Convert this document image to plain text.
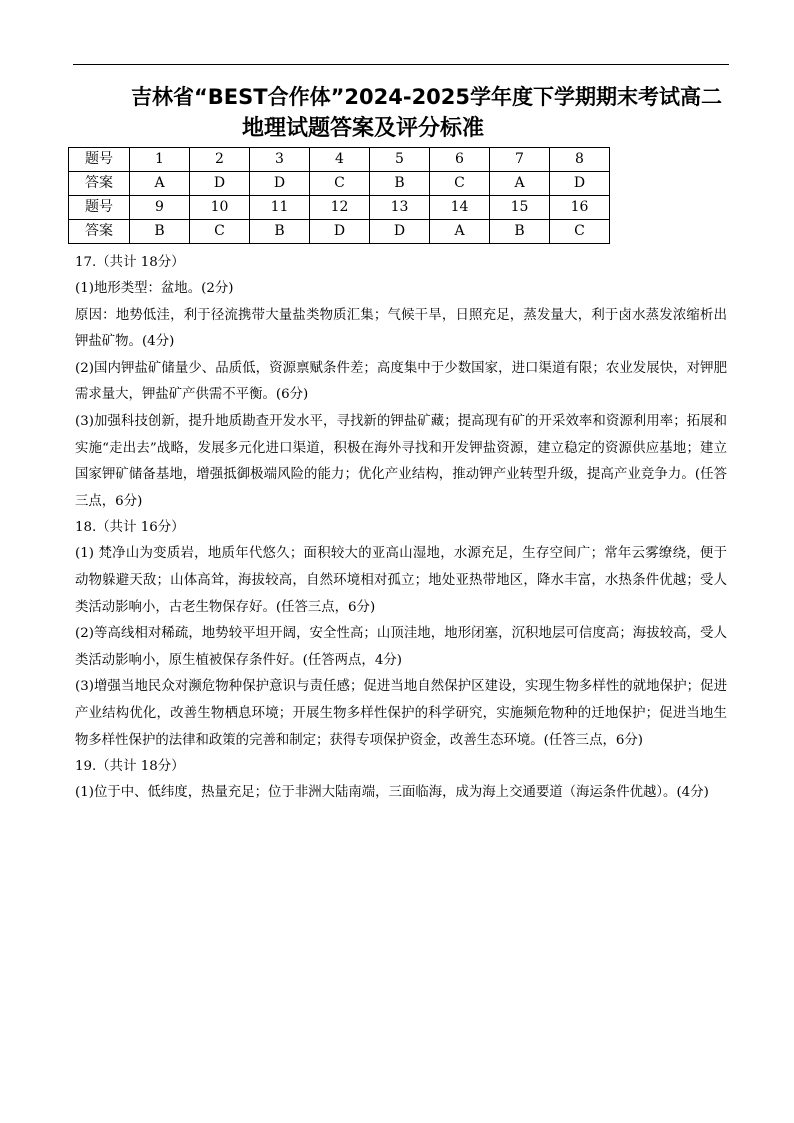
吉林省“BEST合作体”2024-2025学年度下学期期末考试高二
地理试题答案及评分标准
题号	1	2	3	4	5	6	7	8
答案	A	D	D	C	B	C	A	D
题号	9	10	11	12	13	14	15	16
答案	B	C	B	D	D	A	B	C

17.（共计 18分）

(1)地形类型：盆地。(2分)

原因：地势低洼，利于径流携带大量盐类物质汇集；气候干旱，日照充足，蒸发量大，利于卤水蒸发浓缩析出钾盐矿物。(4分)

(2)国内钾盐矿储量少、品质低，资源禀赋条件差；高度集中于少数国家，进口渠道有限；农业发展快，对钾肥需求量大，钾盐矿产供需不平衡。(6分)

(3)加强科技创新，提升地质勘查开发水平，寻找新的钾盐矿藏；提高现有矿的开采效率和资源利用率；拓展和实施“走出去”战略，发展多元化进口渠道，积极在海外寻找和开发钾盐资源，建立稳定的资源供应基地；建立国家钾矿储备基地，增强抵御极端风险的能力；优化产业结构，推动钾产业转型升级，提高产业竞争力。(任答三点，6分)

18.（共计 16分）

(1) 梵净山为变质岩，地质年代悠久；面积较大的亚高山湿地，水源充足，生存空间广；常年云雾缭绕，便于动物躲避天敌；山体高耸，海拔较高，自然环境相对孤立；地处亚热带地区，降水丰富，水热条件优越；受人类活动影响小，古老生物保存好。(任答三点，6分)

(2)等高线相对稀疏，地势较平坦开阔，安全性高；山顶洼地，地形闭塞，沉积地层可信度高；海拔较高，受人类活动影响小，原生植被保存条件好。(任答两点，4分)

(3)增强当地民众对濒危物种保护意识与责任感；促进当地自然保护区建设，实现生物多样性的就地保护；促进产业结构优化，改善生物栖息环境；开展生物多样性保护的科学研究，实施频危物种的迁地保护；促进当地生物多样性保护的法律和政策的完善和制定；获得专项保护资金，改善生态环境。(任答三点，6分)

19.（共计 18分）

(1)位于中、低纬度，热量充足；位于非洲大陆南端，三面临海，成为海上交通要道（海运条件优越）。(4分)
